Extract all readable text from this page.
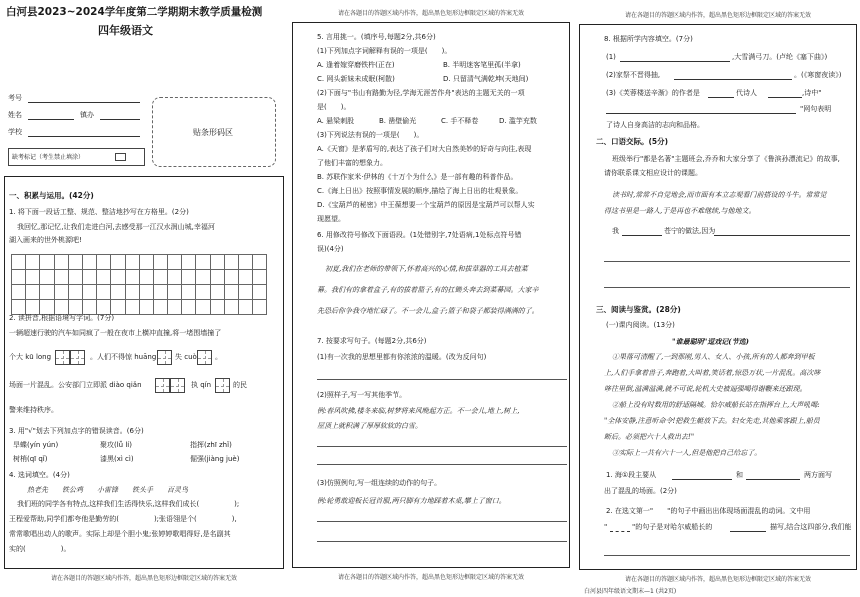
白河县2023~2024学年度第二学期期末教学质量检测
四年级语文
考号
姓名	镇办
学校
缺考标记（考生禁止填涂）
贴条形码区
一、积累与运用。(42分)
1. 将下面一段话工整、规范、整洁地抄写在方格里。(2分)
我回忆,那记忆,让我们走进白河,去感受那一江汉水润山城,幸福河
湖入画来的世外桃源吧!

2. 读拼音,根据语境写字词。(7分)
一辆超速行驶的汽车如同疯了一般在夜市上横冲直撞,将一堵围墙撞了
个大 kū long	。人们不得惊 huāng	失 cuò	。
场面一片混乱。公安部门立即派 diào qiǎn	执 qín	的民
警来维持秩序。
3. 用"√"划去下列加点字的错误读音。(6分)
旱蝶(yín yún)	聚攻(lǚ lí)	指挥(zhī zhǐ)
树梢(qī qǐ)	漆黑(xì cì)	倔强(jiàng juè)
4. 选词填空。(4分)
热老先　　铁公鸡　　小雷锋　　铁头手　　百灵鸟
我们班的同学各有特点,这样我们生活得快乐,这样我们成长(　　　　　);
王程爱帮助,同学们都夸他是勤劳的(　　　　　);张语翎是个(　　　　　),
常常歌唱出动人的歌声。实际上却是个胆小鬼;张婷婷歌唱得好,是名副其
实的(　　　　　)。
请在各题目的答题区域内作答，超出黑色矩形边框限定区域的答案无效
请在各题目的答题区域内作答，超出黑色矩形边框限定区域的答案无效
5. 言用挑一。(填序号,每题2分,共6分)
(1)下列加点字词解释有误的一项是(　　)。
A. 逢着嫁穿磨铁杵(正在)	B. 半明迷客笔里孤(半拿)
C. 网头新妹未成眠(柯散)	D. 只留清气满乾坤(天地间)
(2)下面与"书山有路勤为径,学海无涯苦作舟"表达的主题无关的一项
是(　　)。
A. 悬梁刺股	B. 凿壁偷光	C. 手不释卷	D. 滥竽充数
(3)下列说法有误的一项是(　　)。
A.《天窗》是茅盾写的,表达了孩子们对大自然美妙的好奇与向往,表现
了他们丰富的想象力。
B. 苏联作家米·伊林的《十万个为什么》是一部有趣的科普作品。
C.《海上日出》按照事情发展的顺序,描绘了海上日出的壮观景象。
D.《宝葫芦的秘密》中王葆想要一个宝葫芦的原因是宝葫芦可以帮人实
现愿望。
6. 用修改符号修改下面语段。(1处错别字,7处语病,1处标点符号错
误)(4分)
初夏,我们在老师的带领下,怀着高兴的心情,和拔草器的工具去植菜
幕。我们有的拿着盒子,有的拔着篮子,有的扛锄头奔去到菜幕园。大家辛
先恐后你争我夺地忙碌了。不一会儿,盒子;篮子和袋子都装得满满的了。
7. 按要求写句子。(每题2分,共6分)
(1)有一次我的思想里都有你浓浓的温暖。(改为反问句)
(2)照样子,写一写其他季节。
例:春风吹拂,楼冬来临,树梦将来风晚起方正。不一会儿,地上,树上,
屋顶上就积满了厚厚软软的白雪。
(3)仿照例句,写一组连续的动作的句子。
例:轮勇敢迎板长冠首服,两只脚有力地踩着木桌,攀上了窗口。
请在各题目的答题区域内作答，超出黑色矩形边框限定区域的答案无效
请在各题目的答题区域内作答，超出黑色矩形边框限定区域的答案无效
8. 根据所学内容填空。(7分)
(1)	,大雪满弓刀。(卢纶《塞下曲》)
(2)家祭不晋得抽,	。(《寒窗夜读》)
(3)《芙蓉楼送辛渐》的作者是	代诗人	,诗中"
"网句表明
了诗人自身高洁的志向和品格。
二、口语交际。(5分)
班级举行"都是名著"主题班会,乔乔和大家分享了《鲁滨孙漂流记》的故事,
请你联系课文相应设计的课题。
读书时,常常不自觉地会,而市面有本立志观看门前搭设的斗牛。常常觉
得这书里是一路人,于是再也不难继续,与他地文。
我	苍宁的做法,因为
三、阅读与鉴赏。(28分)
(一)课内阅读。(13分)
"谁最聪明"逗戏记(节选)
①果落可清醒了,一到那刚,男人、女人、小孩,所有的人都奔到甲板
上,人们手拿着兽子,奔跑着,大叫着,笑话着,惊恐万状,一片混乱。高次哆
哆往里倒,溢满溢满,就不可说,轮机大史被逼强喝得谢鞭来还跟现。
②船上没有时数用的舒适隔城。恰尔威船长站在指挥台上,大声吼喝:
"全体安静,注意听命令!把救生艇放下去。妇女先走,其他乘客跟上,船员
断后。必须把六十人救出去!"
③实际上一共有六十一人,但是他把自己给忘了。
1. 海①段主要从	和	两方面写
出了混乱的场面。(2分)
2. 在选文第一"　　"的句子中画出出体现场面混乱的动词。文中用
"	"的句子是对哈尔威船长的	描写,结合这四部分,我们能
请在各题目的答题区域内作答，超出黑色矩形边框限定区域的答案无效
白河县四年级语文期末—1 (共2页)
